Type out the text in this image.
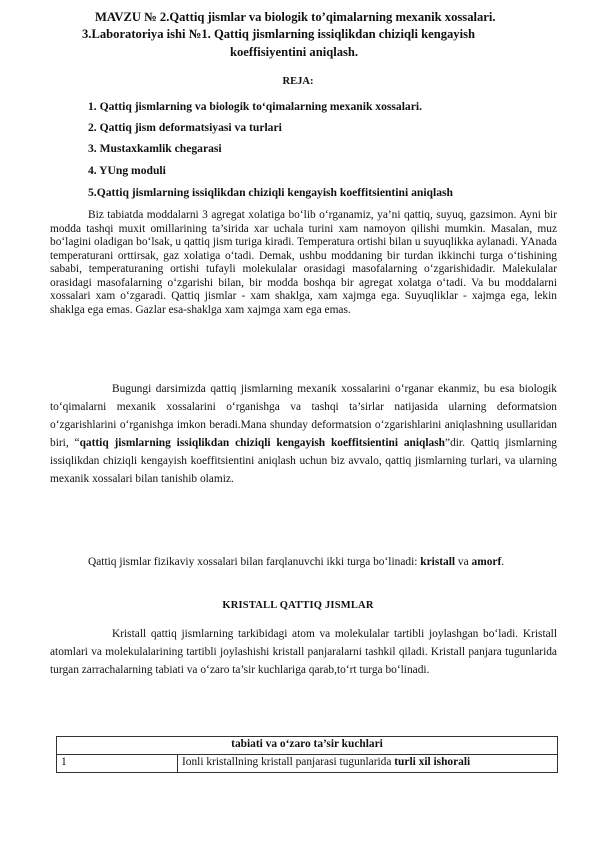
MAVZU № 2.Qattiq jismlar va biologik to’qimalarning mexanik xossalari.
3.Laboratoriya ishi №1. Qattiq jismlarning issiqlikdan chiziqli kengayish
koeffisiyentini aniqlash.
REJA:
1. Qattiq jismlarning va biologik to‘qimalarning mexanik xossalari.
2. Qattiq jism deformatsiyasi va turlari
3. Mustaxkamlik chegarasi
4. YUng moduli
5.Qattiq jismlarning issiqlikdan chiziqli kengayish koeffitsientini aniqlash
Biz tabiatda moddalarni 3 agregat xolatiga bo‘lib o‘rganamiz, ya’ni qattiq, suyuq, gazsimon. Ayni bir modda tashqi muxit omillarining ta’sirida xar uchala turini xam namoyon qilishi mumkin. Masalan, muz bo‘lagini oladigan bo‘lsak, u qattiq jism turiga kiradi. Temperatura ortishi bilan u suyuqlikka aylanadi. YAnada temperaturani orttirsak, gaz xolatiga o‘tadi. Demak, ushbu moddaning bir turdan ikkinchi turga o‘tishining sababi, temperaturaning ortishi tufayli molekulalar orasidagi masofalarning o‘zgarishidadir. Malekulalar orasidagi masofalarning o‘zgarishi bilan, bir modda boshqa bir agregat xolatga o‘tadi. Va bu moddalarni xossalari xam o‘zgaradi. Qattiq jismlar - xam shaklga, xam xajmga ega. Suyuqliklar - xajmga ega, lekin shaklga ega emas. Gazlar esa-shaklga xam xajmga xam ega emas.
Bugungi darsimizda qattiq jismlarning mexanik xossalarini o‘rganar ekanmiz, bu esa biologik to‘qimalarni mexanik xossalarini o‘rganishga va tashqi ta’sirlar natijasida ularning deformatsion o‘zgarishlarini o‘rganishga imkon beradi.Mana shunday deformatsion o‘zgarishlarini aniqlashning usullaridan biri, “qattiq jismlarning issiqlikdan chiziqli kengayish koeffitsientini aniqlash”dir. Qattiq jismlarning issiqlikdan chiziqli kengayish koeffitsientini aniqlash uchun biz avvalo, qattiq jismlarning turlari, va ularning mexanik xossalari bilan tanishib olamiz.
Qattiq jismlar fizikaviy xossalari bilan farqlanuvchi ikki turga bo‘linadi: kristall va amorf.
KRISTALL QATTIQ JISMLAR
Kristall qattiq jismlarning tarkibidagi atom va molekulalar tartibli joylashgan bo‘ladi. Kristall atomlari va molekulalarining tartibli joylashishi kristall panjaralarni tashkil qiladi. Kristall panjara tugunlarida turgan zarrachalarning tabiati va o‘zaro ta’sir kuchlariga qarab,to‘rt turga bo‘linadi.
tabiati va o‘zaro ta’sir kuchlari
1	Ionli kristallning kristall panjarasi tugunlarida turli xil ishorali
